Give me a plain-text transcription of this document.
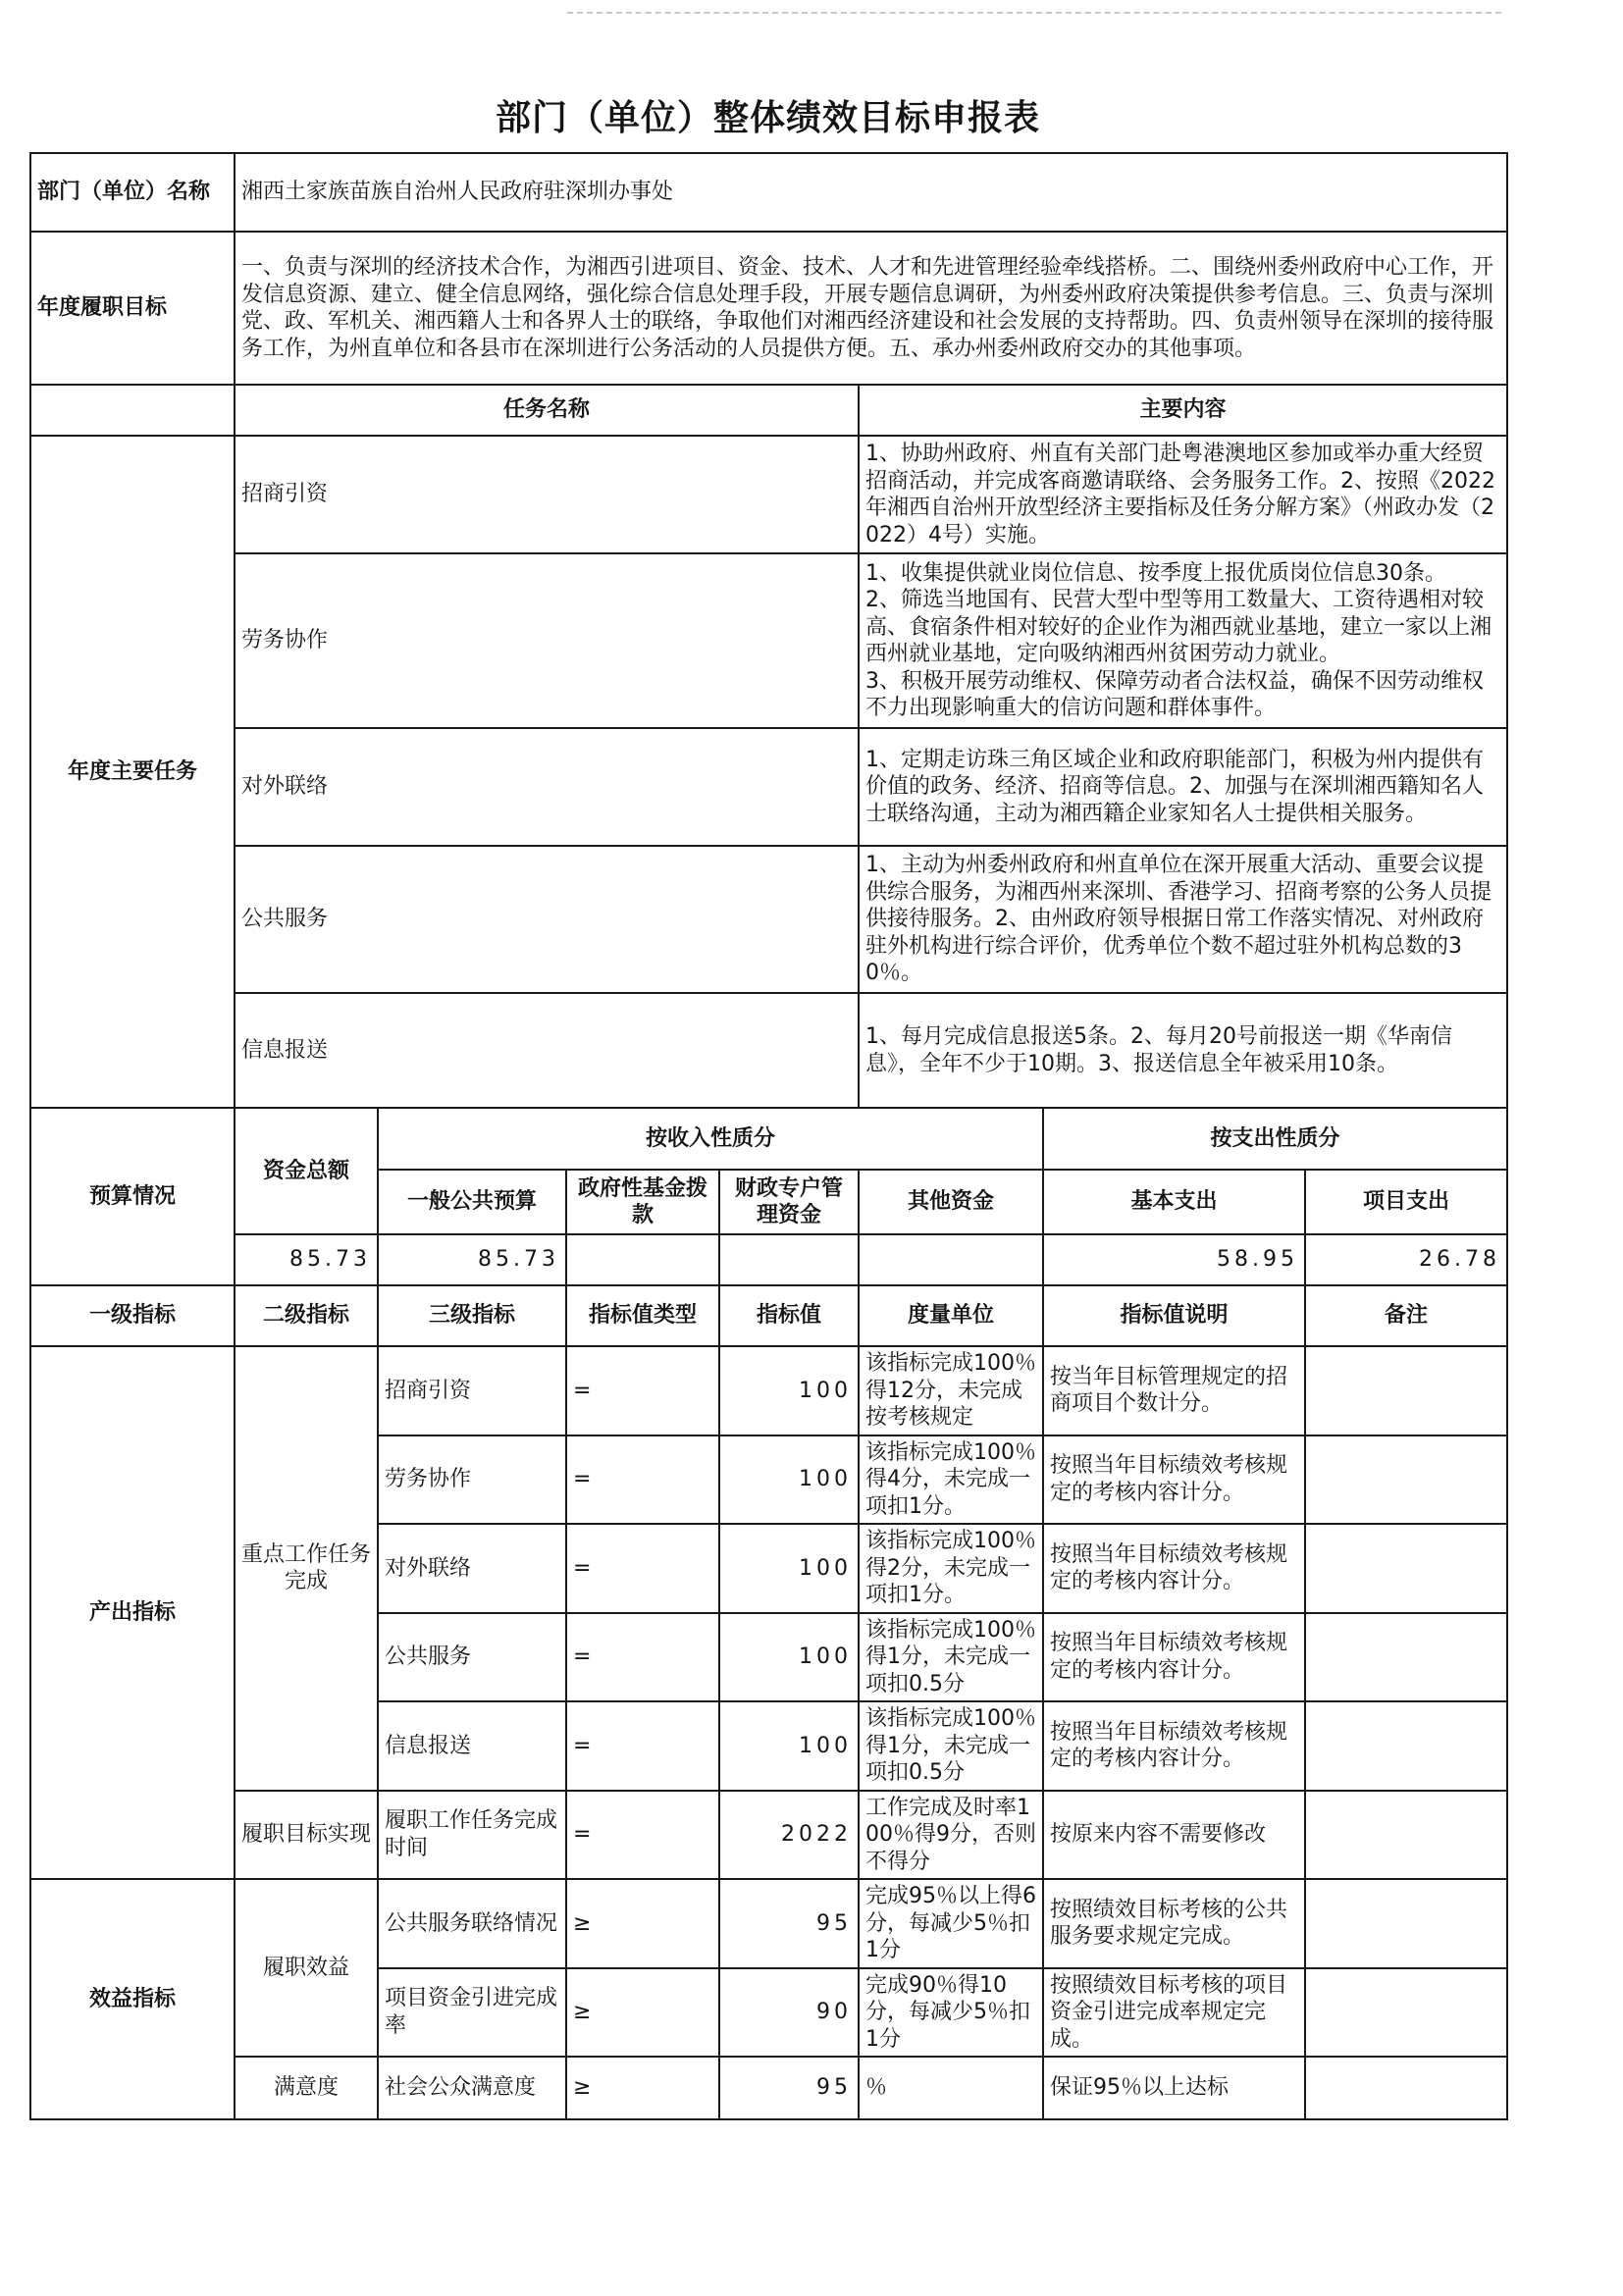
部门（单位）整体绩效目标申报表
部门（单位）名称	湘西土家族苗族自治州人民政府驻深圳办事处						
年度履职目标	一、负责与深圳的经济技术合作，为湘西引进项目、资金、技术、人才和先进管理经验牵线搭桥。二、围绕州委州政府中心工作，开发信息资源、建立、健全信息网络，强化综合信息处理手段，开展专题信息调研，为州委州政府决策提供参考信息。三、负责与深圳党、政、军机关、湘西籍人士和各界人士的联络，争取他们对湘西经济建设和社会发展的支持帮助。四、负责州领导在深圳的接待服务工作，为州直单位和各县市在深圳进行公务活动的人员提供方便。五、承办州委州政府交办的其他事项。						
	任务名称				主要内容		
年度主要任务	招商引资				1、协助州政府、州直有关部门赴粤港澳地区参加或举办重大经贸招商活动，并完成客商邀请联络、会务服务工作。2、按照《2022年湘西自治州开放型经济主要指标及任务分解方案》（州政办发（2022）4号）实施。		
	劳务协作				1、收集提供就业岗位信息、按季度上报优质岗位信息30条。
2、筛选当地国有、民营大型中型等用工数量大、工资待遇相对较高、食宿条件相对较好的企业作为湘西就业基地，建立一家以上湘西州就业基地，定向吸纳湘西州贫困劳动力就业。
3、积极开展劳动维权、保障劳动者合法权益，确保不因劳动维权不力出现影响重大的信访问题和群体事件。		
	对外联络				1、定期走访珠三角区域企业和政府职能部门，积极为州内提供有价值的政务、经济、招商等信息。2、加强与在深圳湘西籍知名人士联络沟通，主动为湘西籍企业家知名人士提供相关服务。		
	公共服务				1、主动为州委州政府和州直单位在深开展重大活动、重要会议提供综合服务，为湘西州来深圳、香港学习、招商考察的公务人员提供接待服务。2、由州政府领导根据日常工作落实情况、对州政府驻外机构进行综合评价，优秀单位个数不超过驻外机构总数的30％。		
	信息报送				1、每月完成信息报送5条。2、每月20号前报送一期《华南信息》，全年不少于10期。3、报送信息全年被采用10条。		
预算情况	资金总额	按收入性质分				按支出性质分	
		一般公共预算	政府性基金拨款	财政专户管理资金	其他资金	基本支出	项目支出
	85.73	85.73				58.95	26.78
一级指标	二级指标	三级指标	指标值类型	指标值	度量单位	指标值说明	备注
产出指标	重点工作任务完成	招商引资	=	100	该指标完成100％得12分，未完成按考核规定	按当年目标管理规定的招商项目个数计分。	
		劳务协作	=	100	该指标完成100％得4分，未完成一项扣1分。	按照当年目标绩效考核规定的考核内容计分。	
		对外联络	=	100	该指标完成100％得2分，未完成一项扣1分。	按照当年目标绩效考核规定的考核内容计分。	
		公共服务	=	100	该指标完成100％得1分，未完成一项扣0.5分	按照当年目标绩效考核规定的考核内容计分。	
		信息报送	=	100	该指标完成100％得1分，未完成一项扣0.5分	按照当年目标绩效考核规定的考核内容计分。	
	履职目标实现	履职工作任务完成时间	=	2022	工作完成及时率100％得9分，否则不得分	按原来内容不需要修改	
效益指标	履职效益	公共服务联络情况	≥	95	完成95％以上得6分，每减少5％扣1分	按照绩效目标考核的公共服务要求规定完成。	
		项目资金引进完成率	≥	90	完成90％得10分，每减少5％扣1分	按照绩效目标考核的项目资金引进完成率规定完成。	
	满意度	社会公众满意度	≥	95	％	保证95％以上达标	
